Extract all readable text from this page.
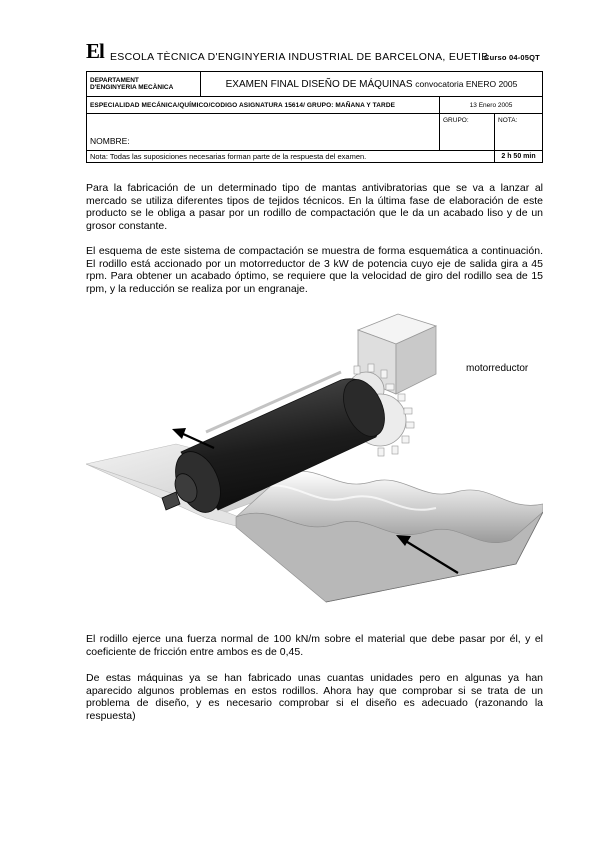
El ESCOLA TÈCNICA D'ENGINYERIA INDUSTRIAL DE BARCELONA, EUETIB
Curso 04-05QT
DEPARTAMENT
D'ENGINYERIA MECÀNICA	EXAMEN FINAL DISEÑO DE MÁQUINAS convocatoria ENERO 2005		
ESPECIALIDAD MECÁNICA/QUÍMICO/CODIGO ASIGNATURA 15614/ GRUPO: MAÑANA Y TARDE		13 Enero 2005	
NOMBRE:		GRUPO:	NOTA:
Nota: Todas las suposiciones necesarias forman parte de la respuesta del examen.			2 h 50 min
Para la fabricación de un determinado tipo de mantas antivibratorias que se va a lanzar al mercado se utiliza diferentes tipos de tejidos técnicos. En la última fase de elaboración de este producto se le obliga a pasar por un rodillo de compactación que le da un acabado liso y de un grosor constante.
El esquema de este sistema de compactación se muestra de forma esquemática a continuación. El rodillo está accionado por un motorreductor de 3 kW de potencia cuyo eje de salida gira a 45 rpm. Para obtener un acabado óptimo, se requiere que la velocidad de giro del rodillo sea de 15 rpm, y la reducción se realiza por un engranaje.
motorreductor
El rodillo ejerce una fuerza normal de 100 kN/m sobre el material que debe pasar por él, y el coeficiente de fricción entre ambos es de 0,45.
De estas máquinas ya se han fabricado unas cuantas unidades pero en algunas ya han aparecido algunos problemas en estos rodillos. Ahora hay que comprobar si se trata de un problema de diseño, y es necesario comprobar si el diseño es adecuado (razonando la respuesta)
